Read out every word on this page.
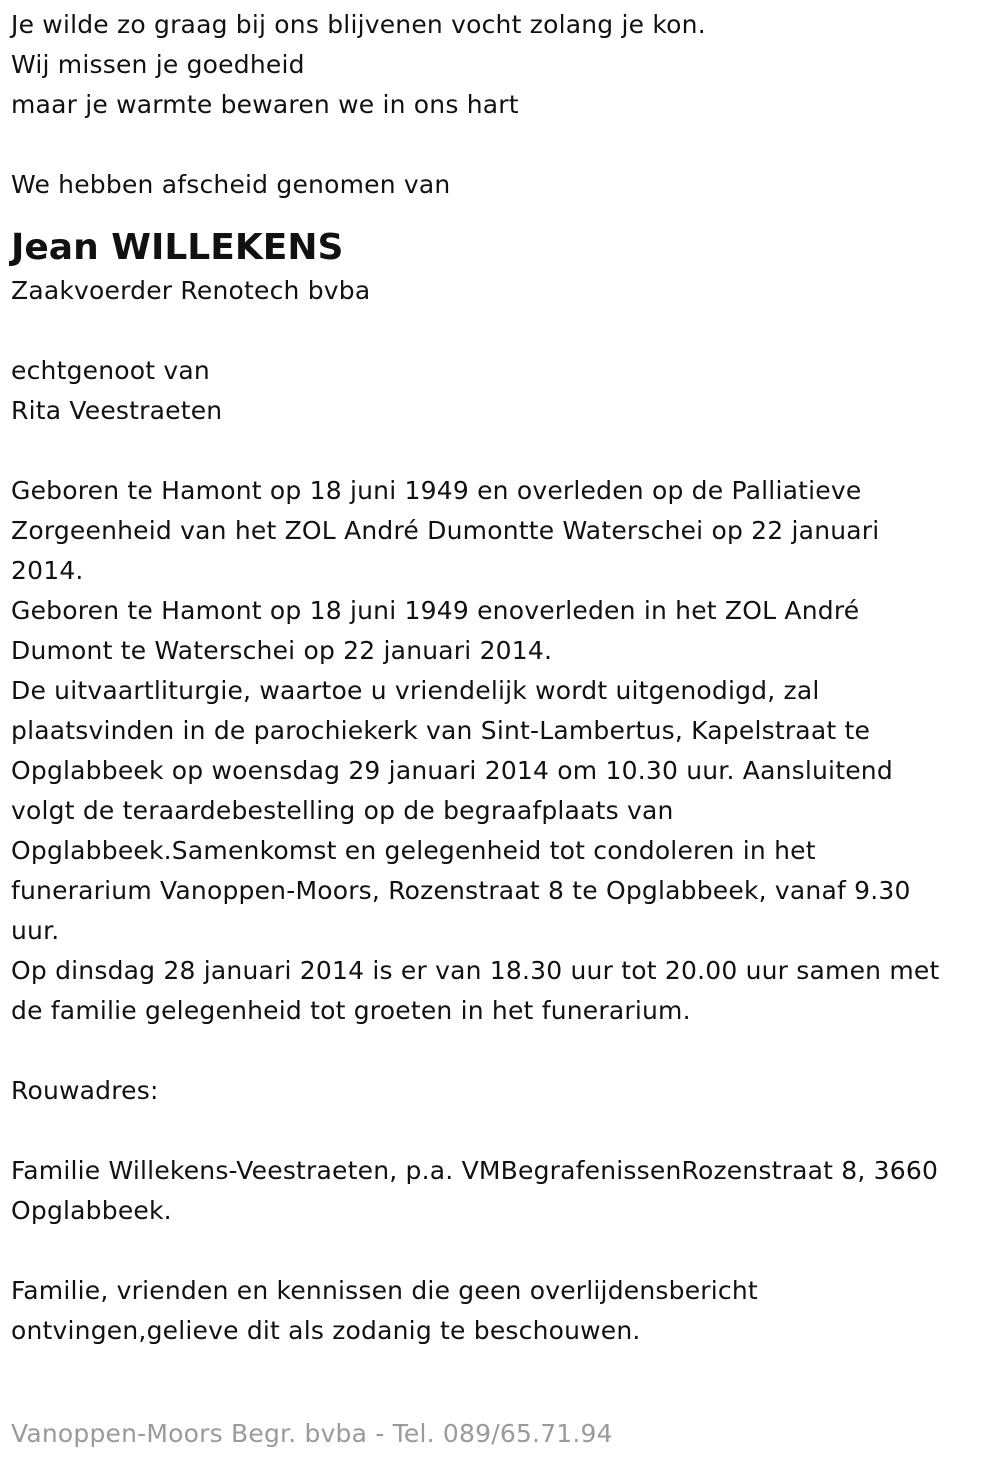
Je wilde zo graag bij ons blijvenen vocht zolang je kon.
Wij missen je goedheid
maar je warmte bewaren we in ons hart
We hebben afscheid genomen van
Jean WILLEKENS
Zaakvoerder Renotech bvba
echtgenoot van
Rita Veestraeten
Geboren te Hamont op 18 juni 1949 en overleden op de Palliatieve
Zorgeenheid van het ZOL André Dumontte Waterschei op 22 januari
2014.
Geboren te Hamont op 18 juni 1949 enoverleden in het ZOL André
Dumont te Waterschei op 22 januari 2014.
De uitvaartliturgie, waartoe u vriendelijk wordt uitgenodigd, zal
plaatsvinden in de parochiekerk van Sint-Lambertus, Kapelstraat te
Opglabbeek op woensdag 29 januari 2014 om 10.30 uur. Aansluitend
volgt de teraardebestelling op de begraafplaats van
Opglabbeek.Samenkomst en gelegenheid tot condoleren in het
funerarium Vanoppen-Moors, Rozenstraat 8 te Opglabbeek, vanaf 9.30
uur.
Op dinsdag 28 januari 2014 is er van 18.30 uur tot 20.00 uur samen met
de familie gelegenheid tot groeten in het funerarium.
Rouwadres:
Familie Willekens-Veestraeten, p.a. VMBegrafenissenRozenstraat 8, 3660
Opglabbeek.
Familie, vrienden en kennissen die geen overlijdensbericht
ontvingen,gelieve dit als zodanig te beschouwen.
Vanoppen-Moors Begr. bvba - Tel. 089/65.71.94
